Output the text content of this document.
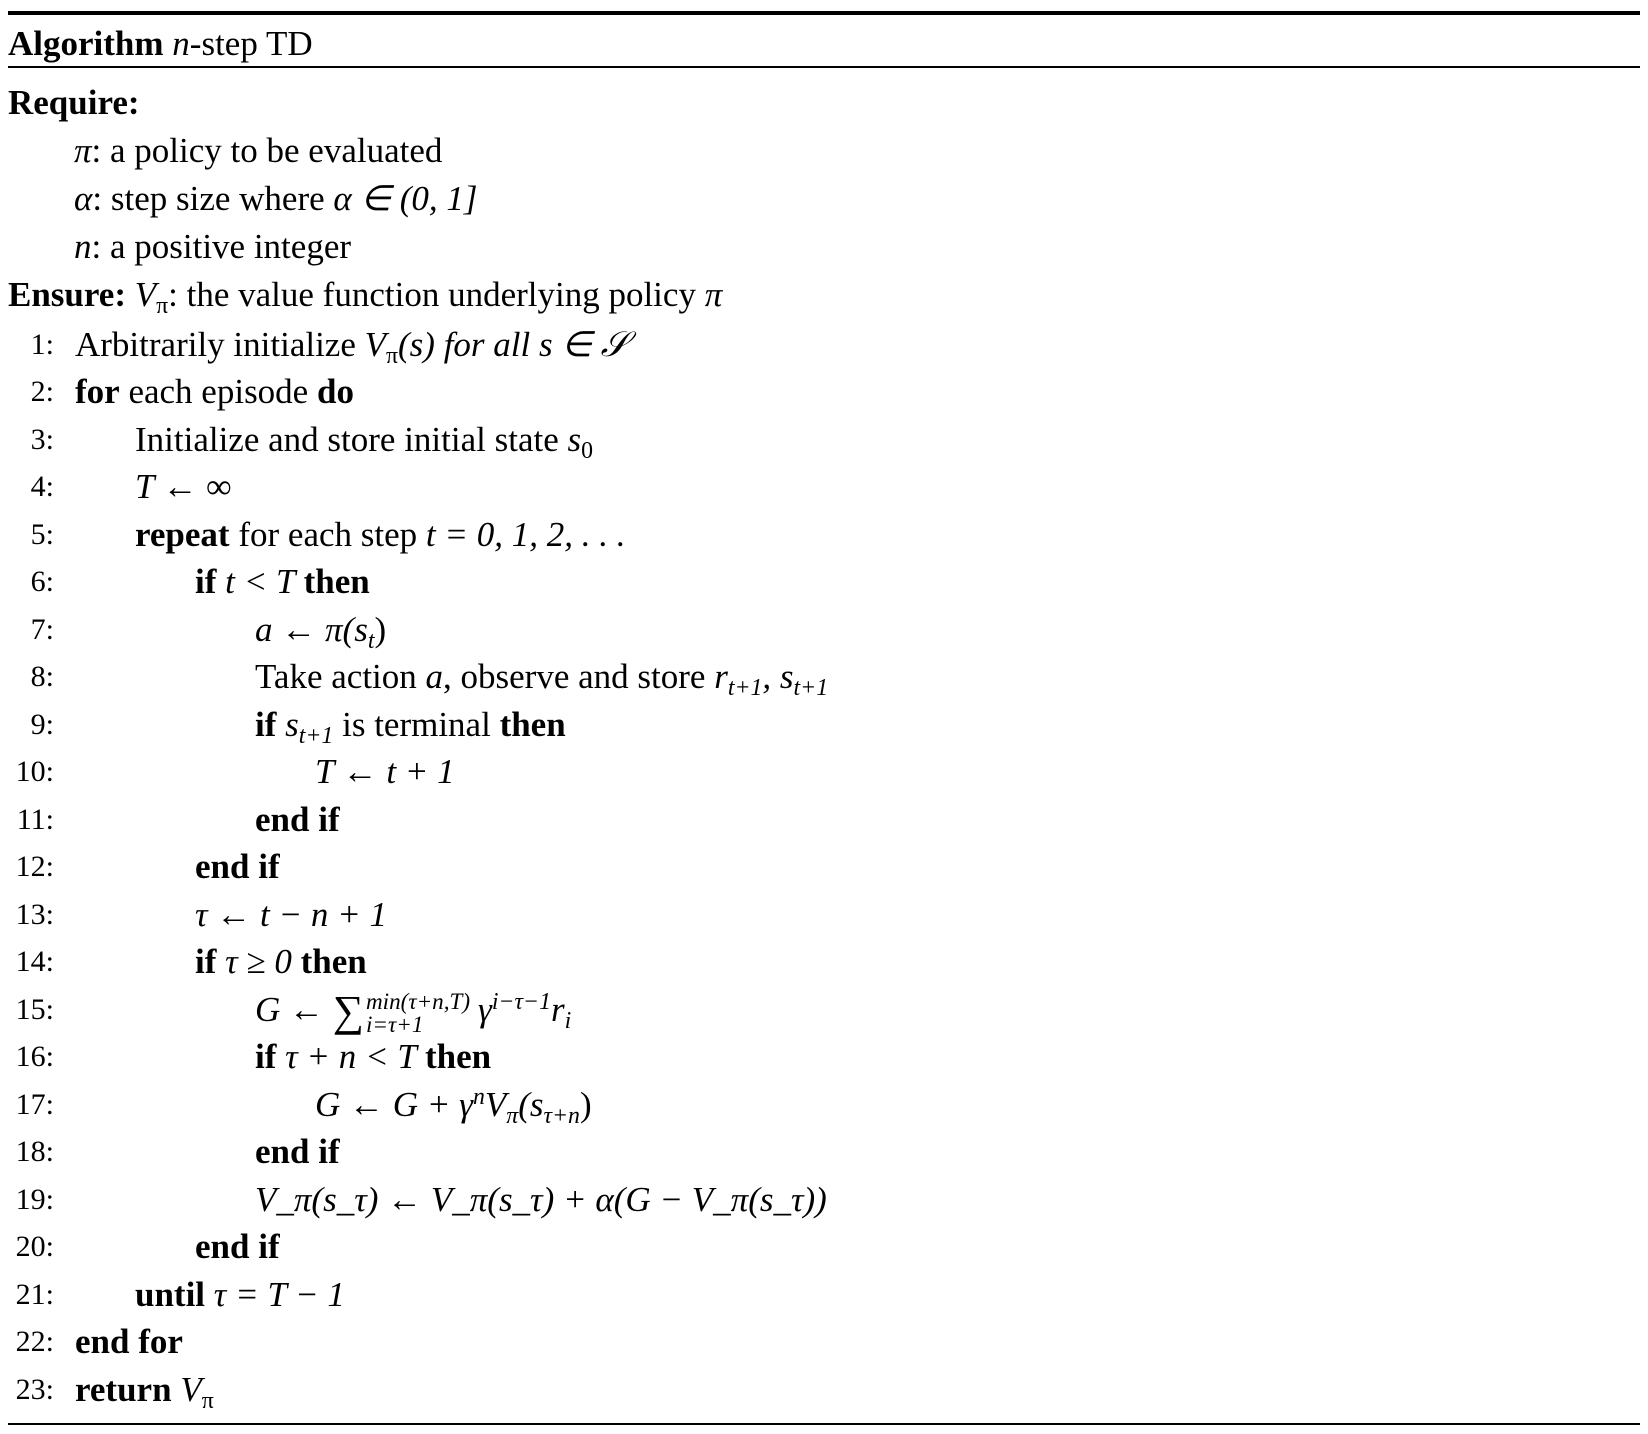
Algorithm n-step TD
Require:
π: a policy to be evaluated
α: step size where α ∈ (0, 1]
n: a positive integer
Ensure: $V_\pi$: the value function underlying policy π
1: Arbitrarily initialize $V_\pi(s)$ for all s ∈ 𝒮
2: for each episode do
3: Initialize and store initial state $s_0$
4: T ← ∞
5: repeat for each step t = 0, 1, 2, . . .
6:	if t < T then
7:	a ← $\pi(s_t)$
8:	Take action a, observe and store $r_{t+1}$, $s_{t+1}$
9:	if $s_{t+1}$ is terminal then
10:	T ← t + 1
11:	end if
12:	end if
13:	τ ← t − n + 1
14:	if τ ≥ 0 then
15:	G ← ∑ min(τ+n,T)
i=τ+1	$\gamma^{i-\tau-1}r_i$
16:	if τ + n < T then
17:	G ← $G + \gamma^nV_\pi(s_{\tau+n})$
18:	end if
19:	V_π(s_τ) ← V_π(s_τ) + α(G − V_π(s_τ))
20:	end if
21: until τ = T − 1
22: end for
23: return $V_\pi$
